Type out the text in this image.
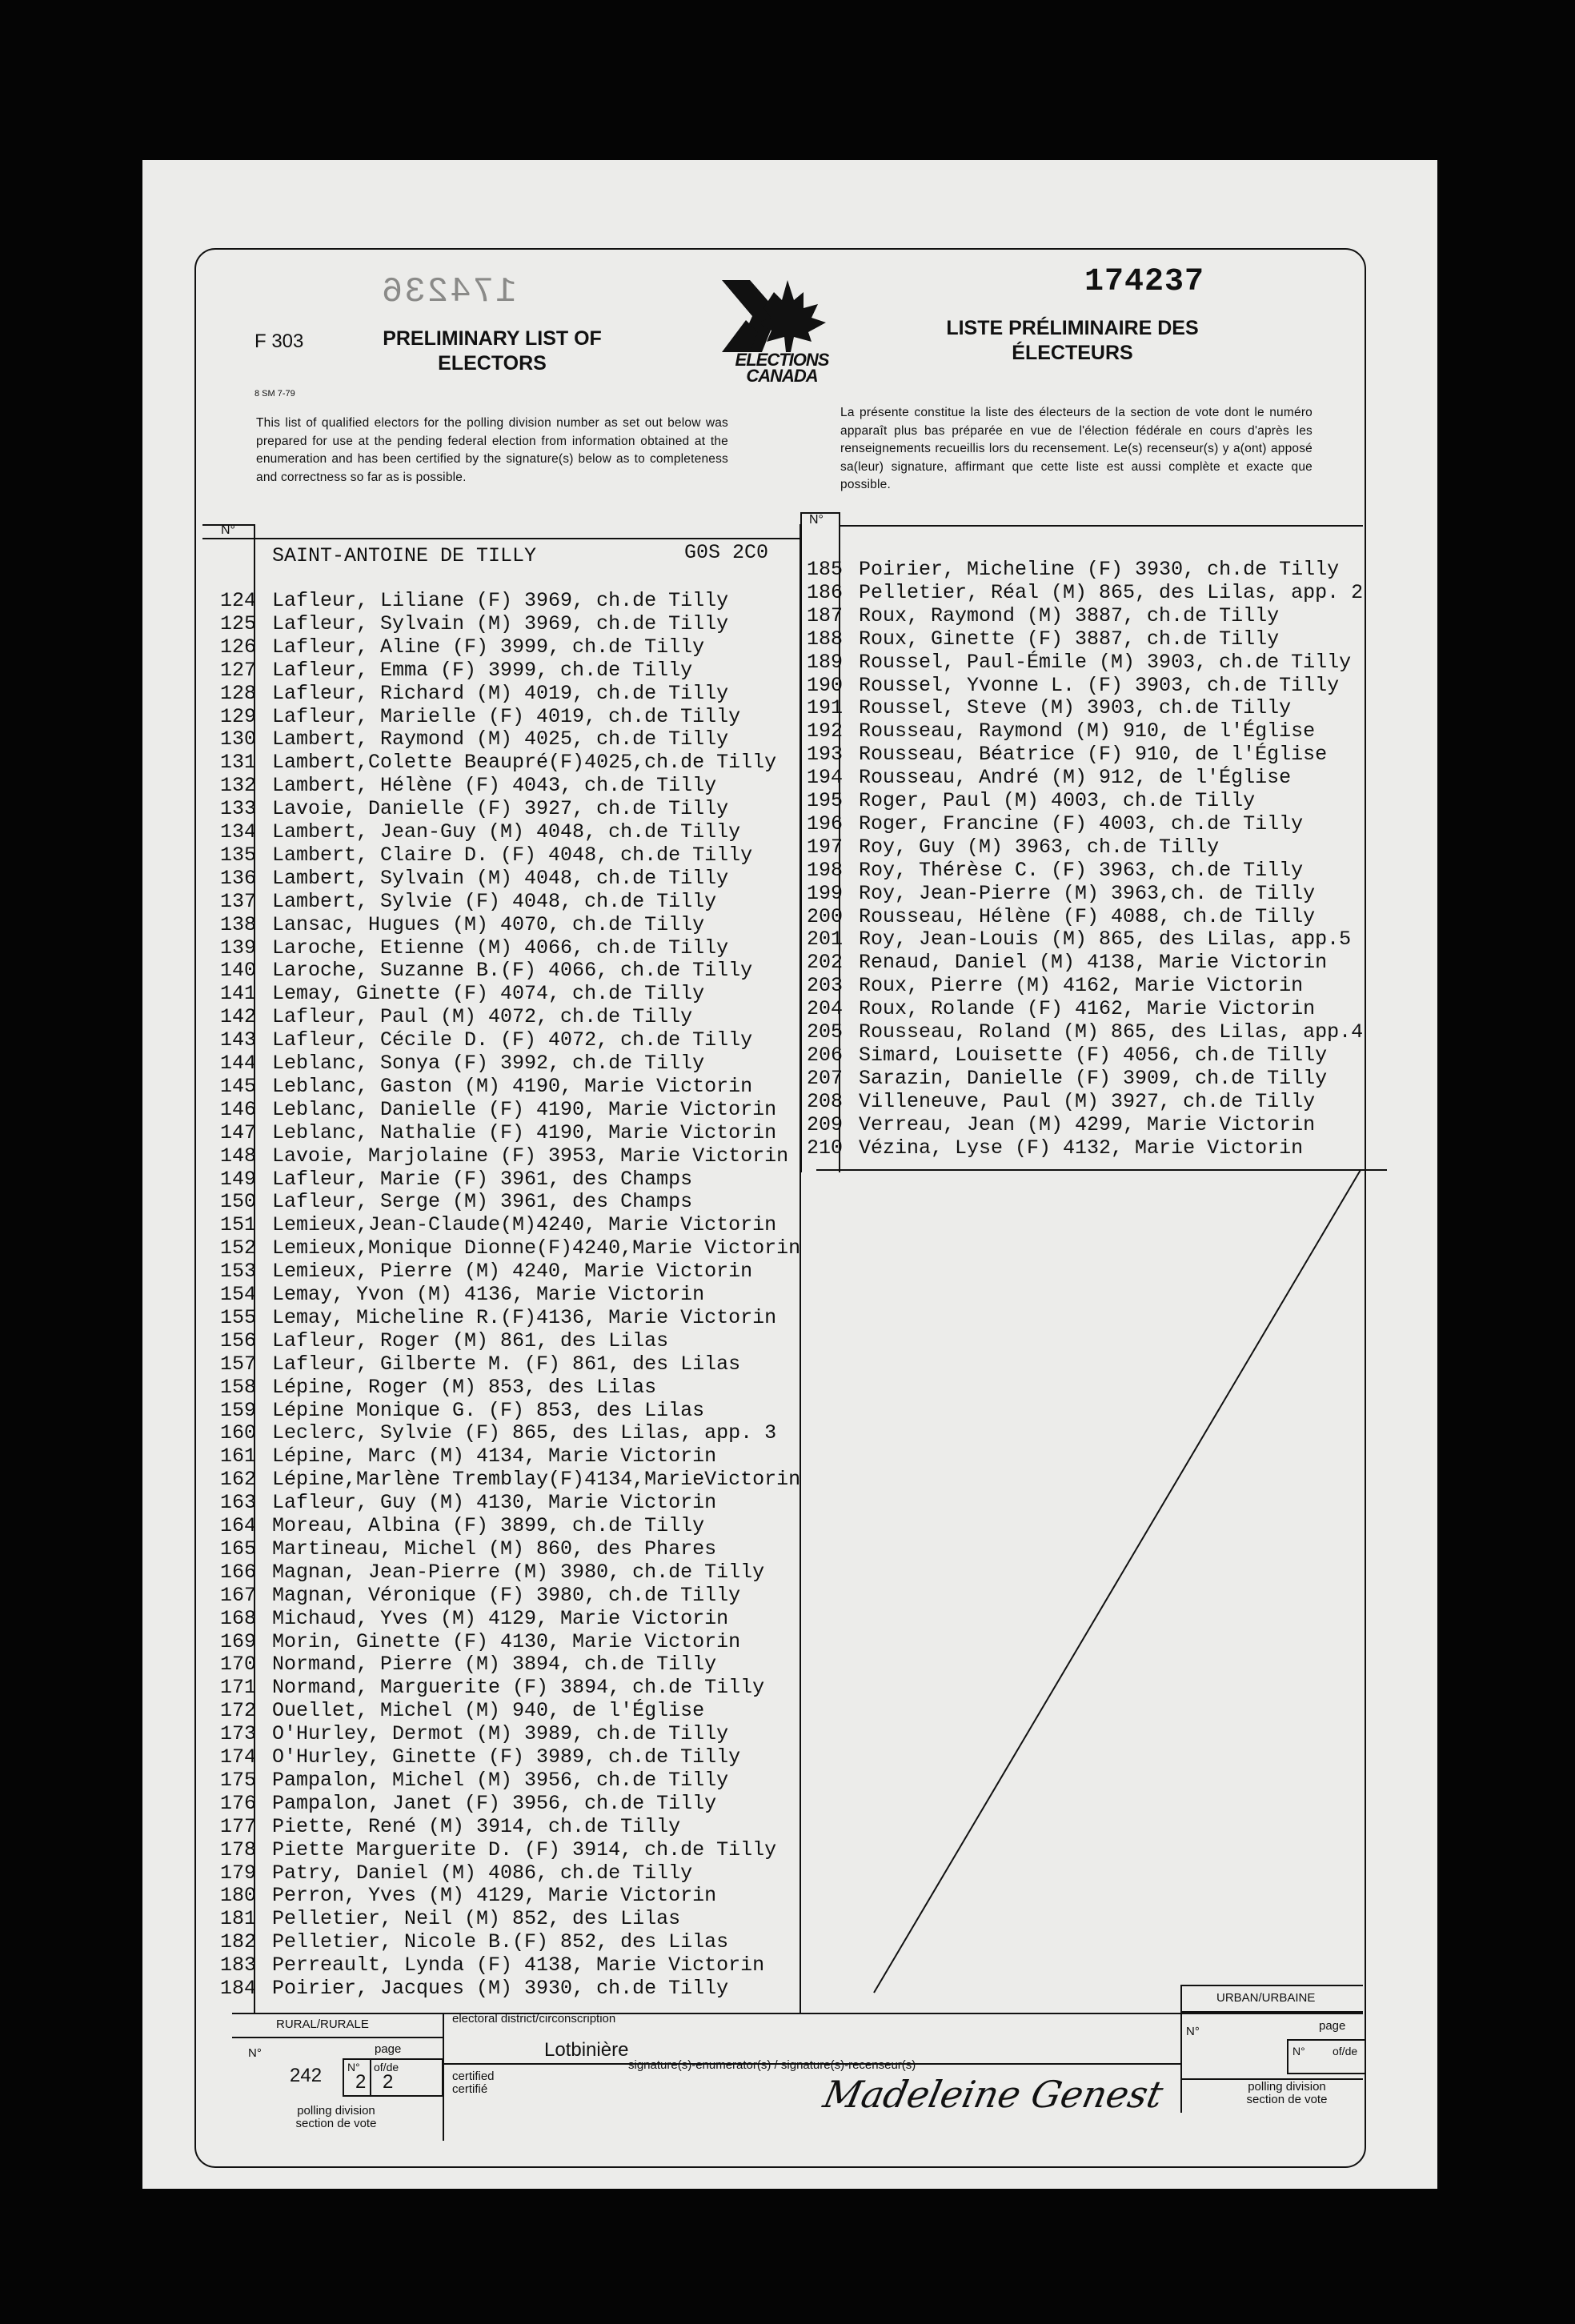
174236
F 303
8 SM 7-79
PRELIMINARY LIST OF ELECTORS	ELECTIONS
CANADA
174237
LISTE PRÉLIMINAIRE DES ÉLECTEURS
This list of qualified electors for the polling division number as set out below was prepared for use at the pending federal election from information obtained at the enumeration and has been certified by the signature(s) below as to completeness and correctness so far as is possible.
La présente constitue la liste des électeurs de la section de vote dont le numéro apparaît plus bas préparée en vue de l'élection fédérale en cours d'après les renseignements recueillis lors du recensement. Le(s) recenseur(s) y a(ont) apposé sa(leur) signature, affirmant que cette liste est aussi complète et exacte que possible.
N°
N°
SAINT-ANTOINE DE TILLY	G0S 2C0
124 Lafleur, Liliane (F) 3969, ch.de Tilly
125 Lafleur, Sylvain (M) 3969, ch.de Tilly
126 Lafleur, Aline (F) 3999, ch.de Tilly
127 Lafleur, Emma (F) 3999, ch.de Tilly
128 Lafleur, Richard (M) 4019, ch.de Tilly
129 Lafleur, Marielle (F) 4019, ch.de Tilly
130 Lambert, Raymond (M) 4025, ch.de Tilly
131 Lambert,Colette Beaupré(F)4025,ch.de Tilly
132 Lambert, Hélène (F) 4043, ch.de Tilly
133 Lavoie, Danielle (F) 3927, ch.de Tilly
134 Lambert, Jean-Guy (M) 4048, ch.de Tilly
135 Lambert, Claire D. (F) 4048, ch.de Tilly
136 Lambert, Sylvain (M) 4048, ch.de Tilly
137 Lambert, Sylvie (F) 4048, ch.de Tilly
138 Lansac, Hugues (M) 4070, ch.de Tilly
139 Laroche, Etienne (M) 4066, ch.de Tilly
140 Laroche, Suzanne B.(F) 4066, ch.de Tilly
141 Lemay, Ginette (F) 4074, ch.de Tilly
142 Lafleur, Paul (M) 4072, ch.de Tilly
143 Lafleur, Cécile D. (F) 4072, ch.de Tilly
144 Leblanc, Sonya (F) 3992, ch.de Tilly
145 Leblanc, Gaston (M) 4190, Marie Victorin
146 Leblanc, Danielle (F) 4190, Marie Victorin
147 Leblanc, Nathalie (F) 4190, Marie Victorin
148 Lavoie, Marjolaine (F) 3953, Marie Victorin
149 Lafleur, Marie (F) 3961, des Champs
150 Lafleur, Serge (M) 3961, des Champs
151 Lemieux,Jean-Claude(M)4240, Marie Victorin
152 Lemieux,Monique Dionne(F)4240,Marie Victorin
153 Lemieux, Pierre (M) 4240, Marie Victorin
154 Lemay, Yvon (M) 4136, Marie Victorin
155 Lemay, Micheline R.(F)4136, Marie Victorin
156 Lafleur, Roger (M) 861, des Lilas
157 Lafleur, Gilberte M. (F) 861, des Lilas
158 Lépine, Roger (M) 853, des Lilas
159 Lépine Monique G. (F) 853, des Lilas
160 Leclerc, Sylvie (F) 865, des Lilas, app. 3
161 Lépine, Marc (M) 4134, Marie Victorin
162 Lépine,Marlène Tremblay(F)4134,MarieVictorin
163 Lafleur, Guy (M) 4130, Marie Victorin
164 Moreau, Albina (F) 3899, ch.de Tilly
165 Martineau, Michel (M) 860, des Phares
166 Magnan, Jean-Pierre (M) 3980, ch.de Tilly
167 Magnan, Véronique (F) 3980, ch.de Tilly
168 Michaud, Yves (M) 4129, Marie Victorin
169 Morin, Ginette (F) 4130, Marie Victorin
170 Normand, Pierre (M) 3894, ch.de Tilly
171 Normand, Marguerite (F) 3894, ch.de Tilly
172 Ouellet, Michel (M) 940, de l'Église
173 O'Hurley, Dermot (M) 3989, ch.de Tilly
174 O'Hurley, Ginette (F) 3989, ch.de Tilly
175 Pampalon, Michel (M) 3956, ch.de Tilly
176 Pampalon, Janet (F) 3956, ch.de Tilly
177 Piette, René (M) 3914, ch.de Tilly
178 Piette Marguerite D. (F) 3914, ch.de Tilly
179 Patry, Daniel (M) 4086, ch.de Tilly
180 Perron, Yves (M) 4129, Marie Victorin
181 Pelletier, Neil (M) 852, des Lilas
182 Pelletier, Nicole B.(F) 852, des Lilas
183 Perreault, Lynda (F) 4138, Marie Victorin
184 Poirier, Jacques (M) 3930, ch.de Tilly
185 Poirier, Micheline (F) 3930, ch.de Tilly
186 Pelletier, Réal (M) 865, des Lilas, app. 2
187 Roux, Raymond (M) 3887, ch.de Tilly
188 Roux, Ginette (F) 3887, ch.de Tilly
189 Roussel, Paul-Émile (M) 3903, ch.de Tilly
190 Roussel, Yvonne L. (F) 3903, ch.de Tilly
191 Roussel, Steve (M) 3903, ch.de Tilly
192 Rousseau, Raymond (M) 910, de l'Église
193 Rousseau, Béatrice (F) 910, de l'Église
194 Rousseau, André (M) 912, de l'Église
195 Roger, Paul (M) 4003, ch.de Tilly
196 Roger, Francine (F) 4003, ch.de Tilly
197 Roy, Guy (M) 3963, ch.de Tilly
198 Roy, Thérèse C. (F) 3963, ch.de Tilly
199 Roy, Jean-Pierre (M) 3963,ch. de Tilly
200 Rousseau, Hélène (F) 4088, ch.de Tilly
201 Roy, Jean-Louis (M) 865, des Lilas, app.5
202 Renaud, Daniel (M) 4138, Marie Victorin
203 Roux, Pierre (M) 4162, Marie Victorin
204 Roux, Rolande (F) 4162, Marie Victorin
205 Rousseau, Roland (M) 865, des Lilas, app.4
206 Simard, Louisette (F) 4056, ch.de Tilly
207 Sarazin, Danielle (F) 3909, ch.de Tilly
208 Villeneuve, Paul (M) 3927, ch.de Tilly
209 Verreau, Jean (M) 4299, Marie Victorin
210 Vézina, Lyse (F) 4132, Marie Victorin
RURAL/RURALE
N°	page
242 N°
2
of/de
2
polling division section de vote
electoral district/circonscription
Lotbinière
certified certifié
signature(s)-enumerator(s) / signature(s)-recenseur(s)
Madeleine Genest
URBAN/URBAINE
N°	page
N° of/de
polling division section de vote
